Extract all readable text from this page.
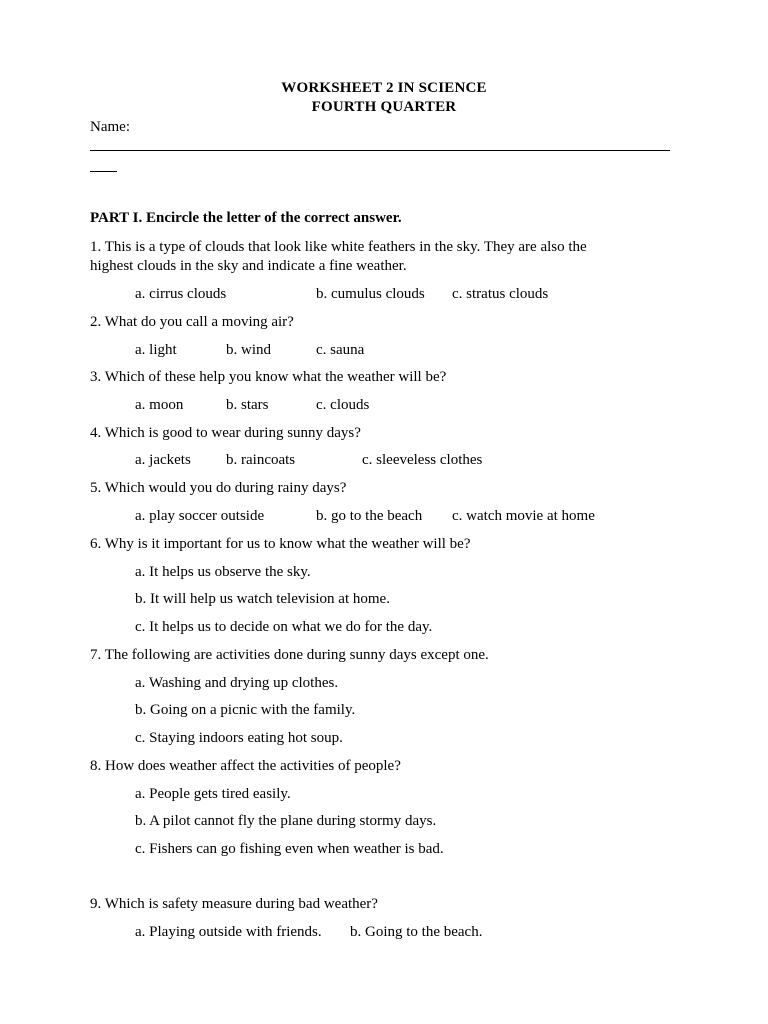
WORKSHEET 2 IN SCIENCE
FOURTH QUARTER
Name:
PART I. Encircle the letter of the correct answer.
1. This is a type of clouds that look like white feathers in the sky. They are also the
highest clouds in the sky and indicate a fine weather.
a. cirrus clouds	b. cumulus clouds c. stratus clouds
2. What do you call a moving air?
a. light	b. wind	c. sauna
3. Which of these help you know what the weather will be?
a. moon	b. stars	c. clouds
4. Which is good to wear during sunny days?
a. jackets b. raincoats	c. sleeveless clothes
5. Which would you do during rainy days?
a. play soccer outside	b. go to the beach c. watch movie at home
6. Why is it important for us to know what the weather will be?
a. It helps us observe the sky.
b. It will help us watch television at home.
c. It helps us to decide on what we do for the day.
7. The following are activities done during sunny days except one.
a. Washing and drying up clothes.
b. Going on a picnic with the family.
c. Staying indoors eating hot soup.
8. How does weather affect the activities of people?
a. People gets tired easily.
b. A pilot cannot fly the plane during stormy days.
c. Fishers can go fishing even when weather is bad.
9. Which is safety measure during bad weather?
a. Playing outside with friends. b. Going to the beach.
